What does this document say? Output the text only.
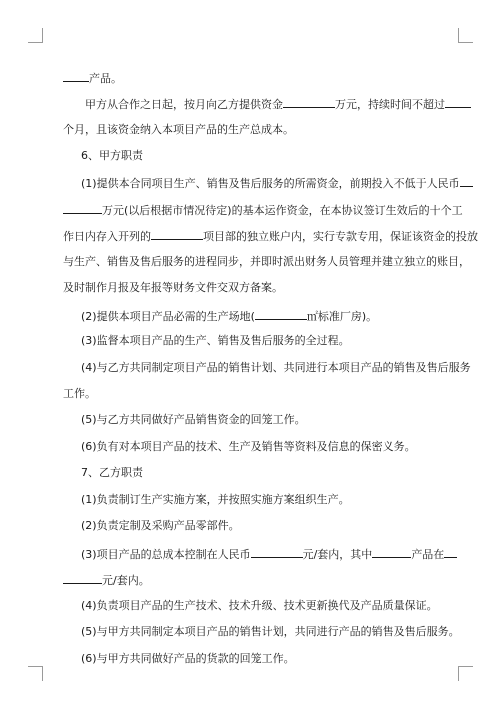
产品。
甲方从合作之日起，按月向乙方提供资金	万元，持续时间不超过
个月，且该资金纳入本项目产品的生产总成本。
6、甲方职责
(1)提供本合同项目生产、销售及售后服务的所需资金，前期投入不低于人民币
万元(以后根据市情况待定)的基本运作资金，在本协议签订生效后的十个工
作日内存入开列的	项目部的独立账户内，实行专款专用，保证该资金的投放
与生产、销售及售后服务的进程同步，并即时派出财务人员管理并建立独立的账目，
及时制作月报及年报等财务文件交双方备案。
(2)提供本项目产品必需的生产场地(	㎡标准厂房)。
(3)监督本项目产品的生产、销售及售后服务的全过程。
(4)与乙方共同制定项目产品的销售计划、共同进行本项目产品的销售及售后服务
工作。
(5)与乙方共同做好产品销售资金的回笼工作。
(6)负有对本项目产品的技术、生产及销售等资料及信息的保密义务。
7、乙方职责
(1)负责制订生产实施方案，并按照实施方案组织生产。
(2)负责定制及采购产品零部件。
(3)项目产品的总成本控制在人民币	元/套内，其中	产品在
元/套内。
(4)负责项目产品的生产技术、技术升级、技术更新换代及产品质量保证。
(5)与甲方共同制定本项目产品的销售计划，共同进行产品的销售及售后服务。
(6)与甲方共同做好产品的货款的回笼工作。
